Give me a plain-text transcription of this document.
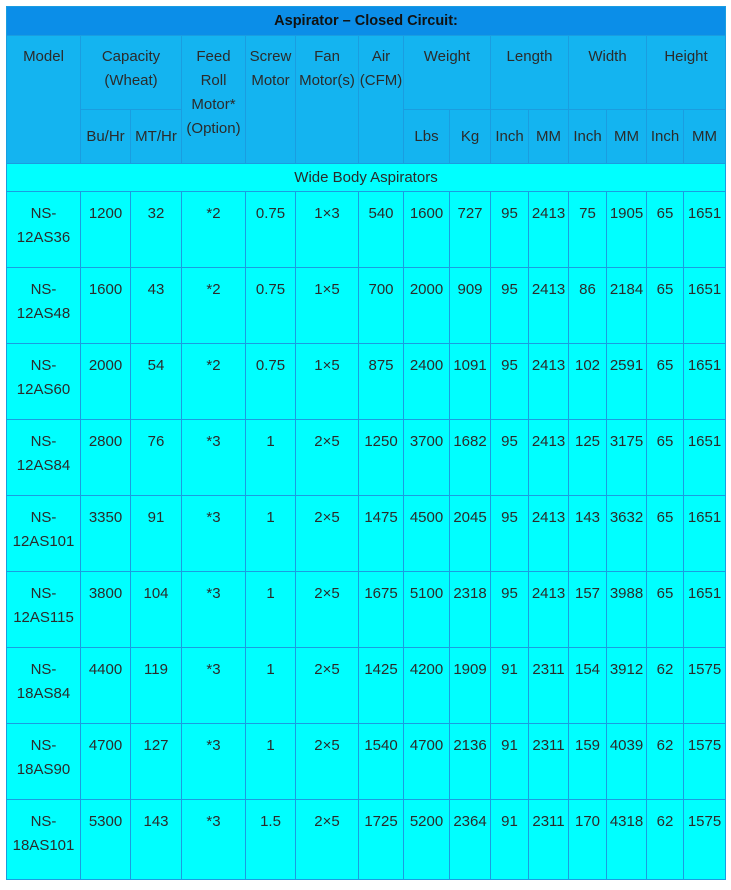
Aspirator – Closed Circuit:														
Model	Capacity (Wheat)		Feed Roll Motor* (Option)	Screw Motor	Fan Motor(s)	Air (CFM)	Weight		Length		Width		Height	
	Bu/Hr	MT/Hr					Lbs	Kg	Inch	MM	Inch	MM	Inch	MM
Wide Body Aspirators														
NS-12AS36	1200	32	*2	0.75	1×3	540	1600	727	95	2413	75	1905	65	1651
NS-12AS48	1600	43	*2	0.75	1×5	700	2000	909	95	2413	86	2184	65	1651
NS-12AS60	2000	54	*2	0.75	1×5	875	2400	1091	95	2413	102	2591	65	1651
NS-12AS84	2800	76	*3	1	2×5	1250	3700	1682	95	2413	125	3175	65	1651
NS-12AS101	3350	91	*3	1	2×5	1475	4500	2045	95	2413	143	3632	65	1651
NS-12AS115	3800	104	*3	1	2×5	1675	5100	2318	95	2413	157	3988	65	1651
NS-18AS84	4400	119	*3	1	2×5	1425	4200	1909	91	2311	154	3912	62	1575
NS-18AS90	4700	127	*3	1	2×5	1540	4700	2136	91	2311	159	4039	62	1575
NS-18AS101	5300	143	*3	1.5	2×5	1725	5200	2364	91	2311	170	4318	62	1575
